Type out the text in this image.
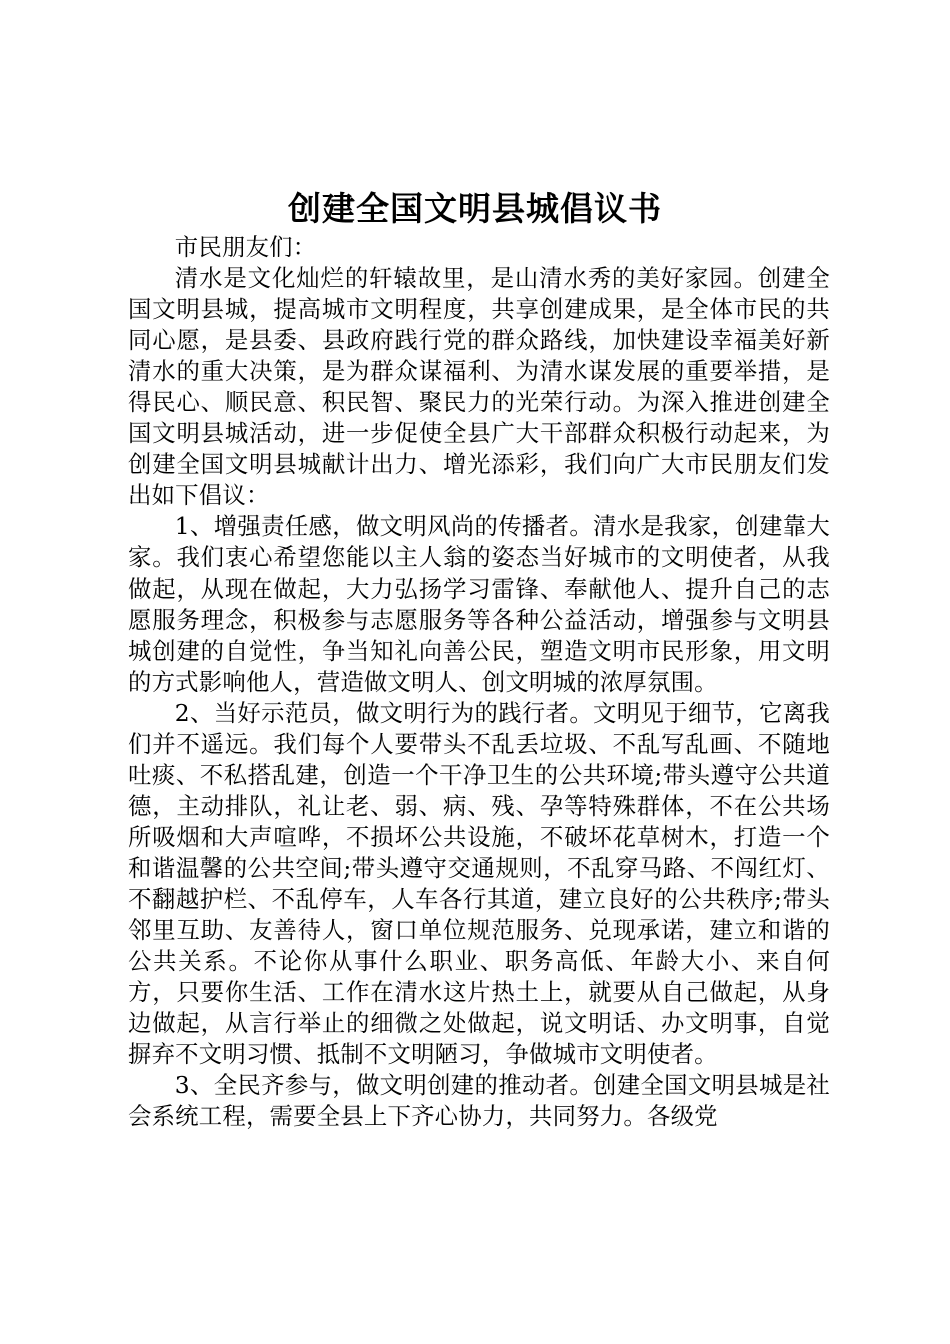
创建全国文明县城倡议书

市民朋友们：

清水是文化灿烂的轩辕故里，是山清水秀的美好家园。创建全国文明县城，提高城市文明程度，共享创建成果，是全体市民的共同心愿，是县委、县政府践行党的群众路线，加快建设幸福美好新清水的重大决策，是为群众谋福利、为清水谋发展的重要举措，是得民心、顺民意、积民智、聚民力的光荣行动。为深入推进创建全国文明县城活动，进一步促使全县广大干部群众积极行动起来，为创建全国文明县城献计出力、增光添彩，我们向广大市民朋友们发出如下倡议：

1、增强责任感，做文明风尚的传播者。清水是我家，创建靠大家。我们衷心希望您能以主人翁的姿态当好城市的文明使者，从我做起，从现在做起，大力弘扬学习雷锋、奉献他人、提升自己的志愿服务理念，积极参与志愿服务等各种公益活动，增强参与文明县城创建的自觉性，争当知礼向善公民，塑造文明市民形象，用文明的方式影响他人，营造做文明人、创文明城的浓厚氛围。

2、当好示范员，做文明行为的践行者。文明见于细节，它离我们并不遥远。我们每个人要带头不乱丢垃圾、不乱写乱画、不随地吐痰、不私搭乱建，创造一个干净卫生的公共环境;带头遵守公共道德，主动排队，礼让老、弱、病、残、孕等特殊群体，不在公共场所吸烟和大声喧哗，不损坏公共设施，不破坏花草树木，打造一个和谐温馨的公共空间;带头遵守交通规则，不乱穿马路、不闯红灯、不翻越护栏、不乱停车，人车各行其道，建立良好的公共秩序;带头邻里互助、友善待人，窗口单位规范服务、兑现承诺，建立和谐的公共关系。不论你从事什么职业、职务高低、年龄大小、来自何方，只要你生活、工作在清水这片热土上，就要从自己做起，从身边做起，从言行举止的细微之处做起，说文明话、办文明事，自觉摒弃不文明习惯、抵制不文明陋习，争做城市文明使者。

3、全民齐参与，做文明创建的推动者。创建全国文明县城是社会系统工程，需要全县上下齐心协力，共同努力。各级党
